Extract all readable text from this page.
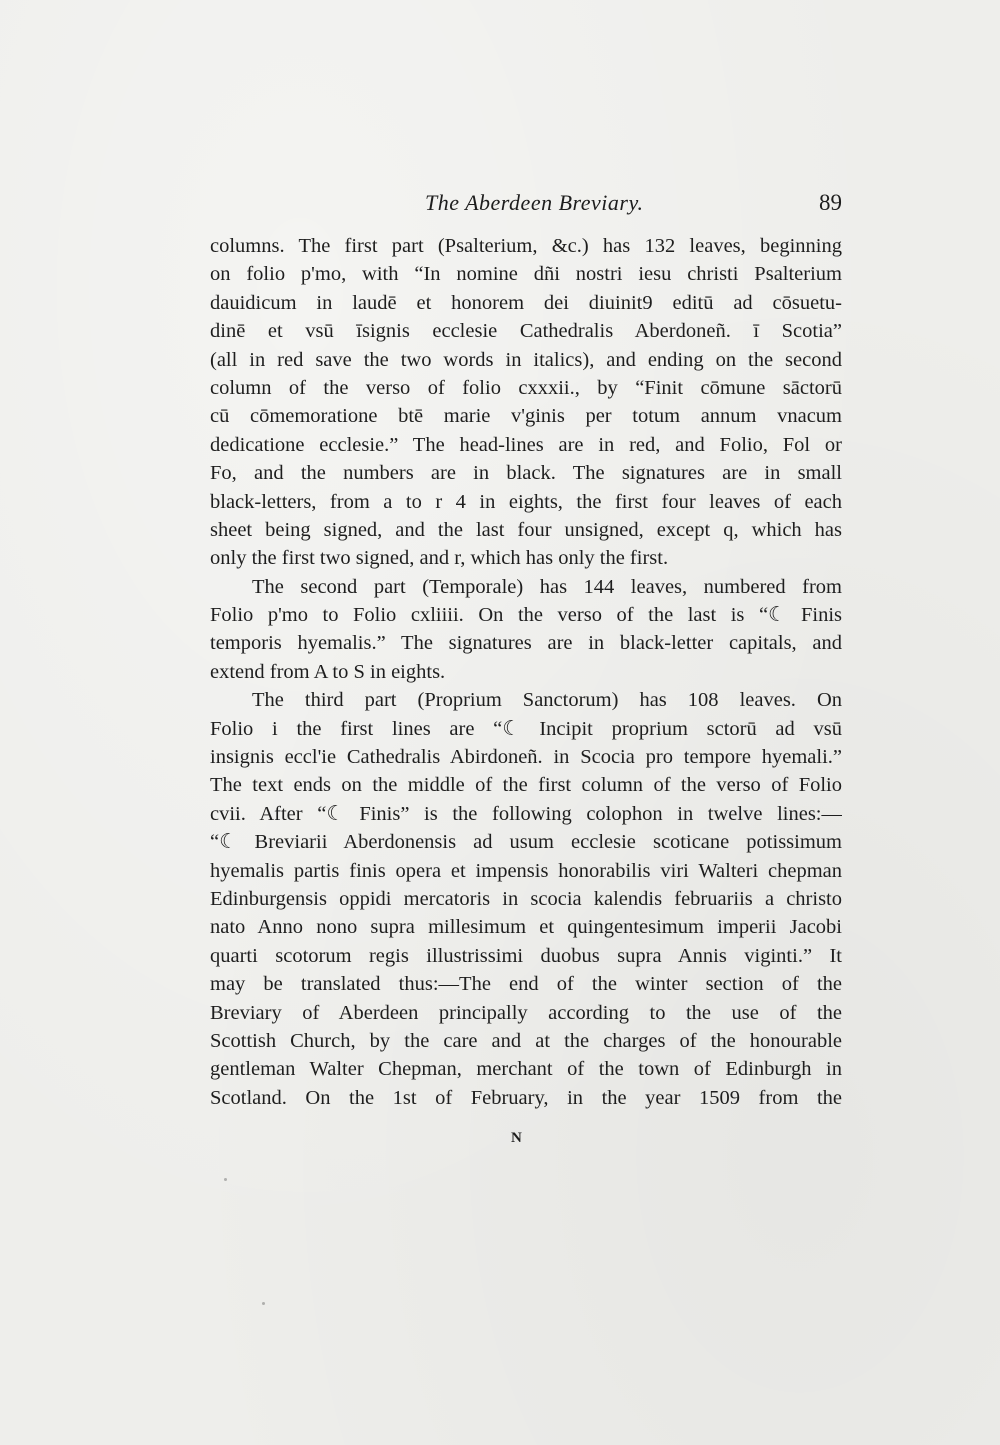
The Aberdeen Breviary.	89
columns. The first part (Psalterium, &c.) has 132 leaves, beginning
on folio p'mo, with “In nomine dñi nostri iesu christi Psalterium
dauidicum in laudē et honorem dei diuinit9 editū ad cōsuetu-
dinē et vsū īsignis ecclesie Cathedralis Aberdoneñ. ī Scotia”
(all in red save the two words in italics), and ending on the second
column of the verso of folio cxxxii., by “Finit cōmune sāctorū
cū cōmemoratione btē marie v'ginis per totum annum vnacum
dedicatione ecclesie.” The head-lines are in red, and Folio, Fol or
Fo, and the numbers are in black. The signatures are in small
black-letters, from a to r 4 in eights, the first four leaves of each
sheet being signed, and the last four unsigned, except q, which has
only the first two signed, and r, which has only the first.
The second part (Temporale) has 144 leaves, numbered from
Folio p'mo to Folio cxliiii. On the verso of the last is “☾ Finis
temporis hyemalis.” The signatures are in black-letter capitals, and
extend from A to S in eights.
The third part (Proprium Sanctorum) has 108 leaves. On
Folio i the first lines are “☾ Incipit proprium sctorū ad vsū
insignis eccl'ie Cathedralis Abirdoneñ. in Scocia pro tempore hyemali.”
The text ends on the middle of the first column of the verso of Folio
cvii. After “☾ Finis” is the following colophon in twelve lines:—
“☾ Breviarii Aberdonensis ad usum ecclesie scoticane potissimum
hyemalis partis finis opera et impensis honorabilis viri Walteri chepman
Edinburgensis oppidi mercatoris in scocia kalendis februariis a christo
nato Anno nono supra millesimum et quingentesimum imperii Jacobi
quarti scotorum regis illustrissimi duobus supra Annis viginti.” It
may be translated thus:—The end of the winter section of the
Breviary of Aberdeen principally according to the use of the
Scottish Church, by the care and at the charges of the honourable
gentleman Walter Chepman, merchant of the town of Edinburgh in
Scotland. On the 1st of February, in the year 1509 from the
N
